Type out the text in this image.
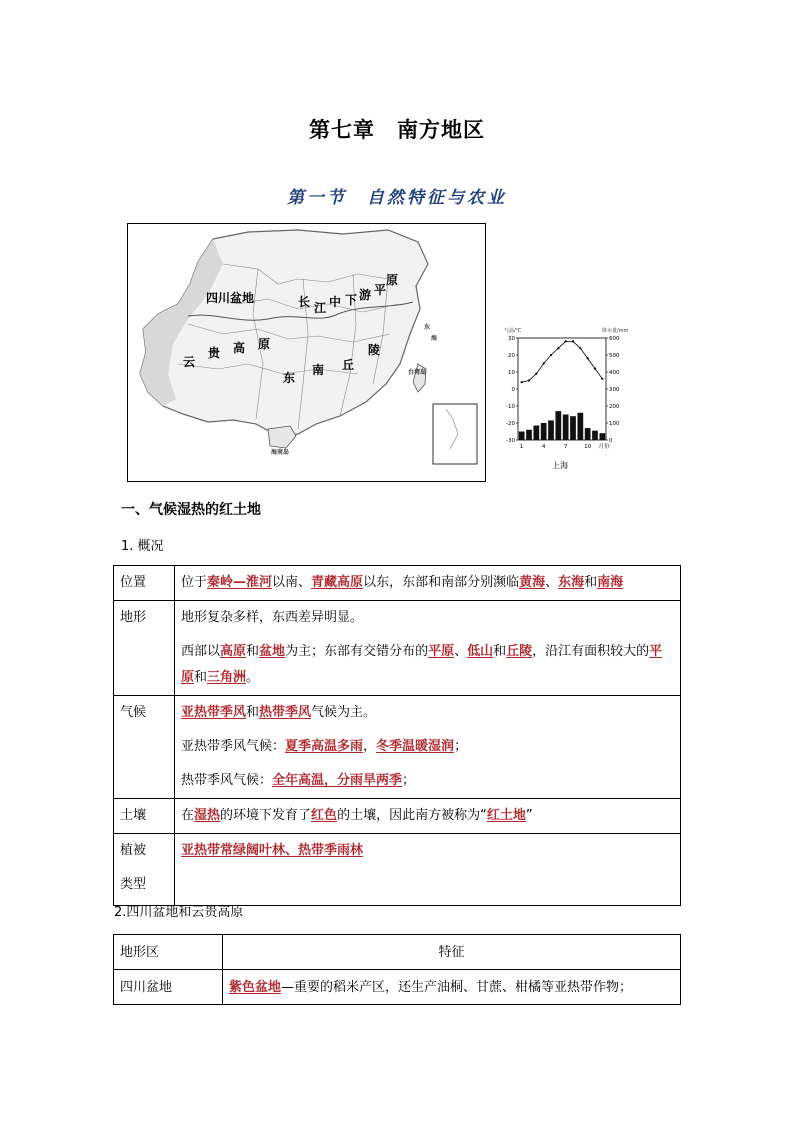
第七章　南方地区
第一节　自然特征与农业
四川盆地	长 江 中 下 游 平
原
云
贵 高 原
东
南 丘
陵
台湾岛
海南岛
东
海
气温/℃	降水量/mm
上海
30
20
10
0
-10
-20
-30
600
500
400
300
200
100
0
1	4	7	10 月份
一、气候湿热的红土地
1. 概况
位置	位于秦岭—淮河以南、青藏高原以东，东部和南部分别濒临黄海、东海和南海
地形	地形复杂多样，东西差异明显。

西部以高原和盆地为主；东部有交错分布的平原、低山和丘陵，沿江有面积较大的平原和三角洲。

气候	亚热带季风和热带季风气候为主。

亚热带季风气候：夏季高温多雨，冬季温暖湿润；

热带季风气候：全年高温，分雨旱两季；

土壤	在湿热的环境下发育了红色的土壤，因此南方被称为“红土地”

植被
类型	亚热带常绿阔叶林、热带季雨林
2.四川盆地和云贵高原
地形区	特征
四川盆地	紫色盆地—重要的稻米产区，还生产油桐、甘蔗、柑橘等亚热带作物；
